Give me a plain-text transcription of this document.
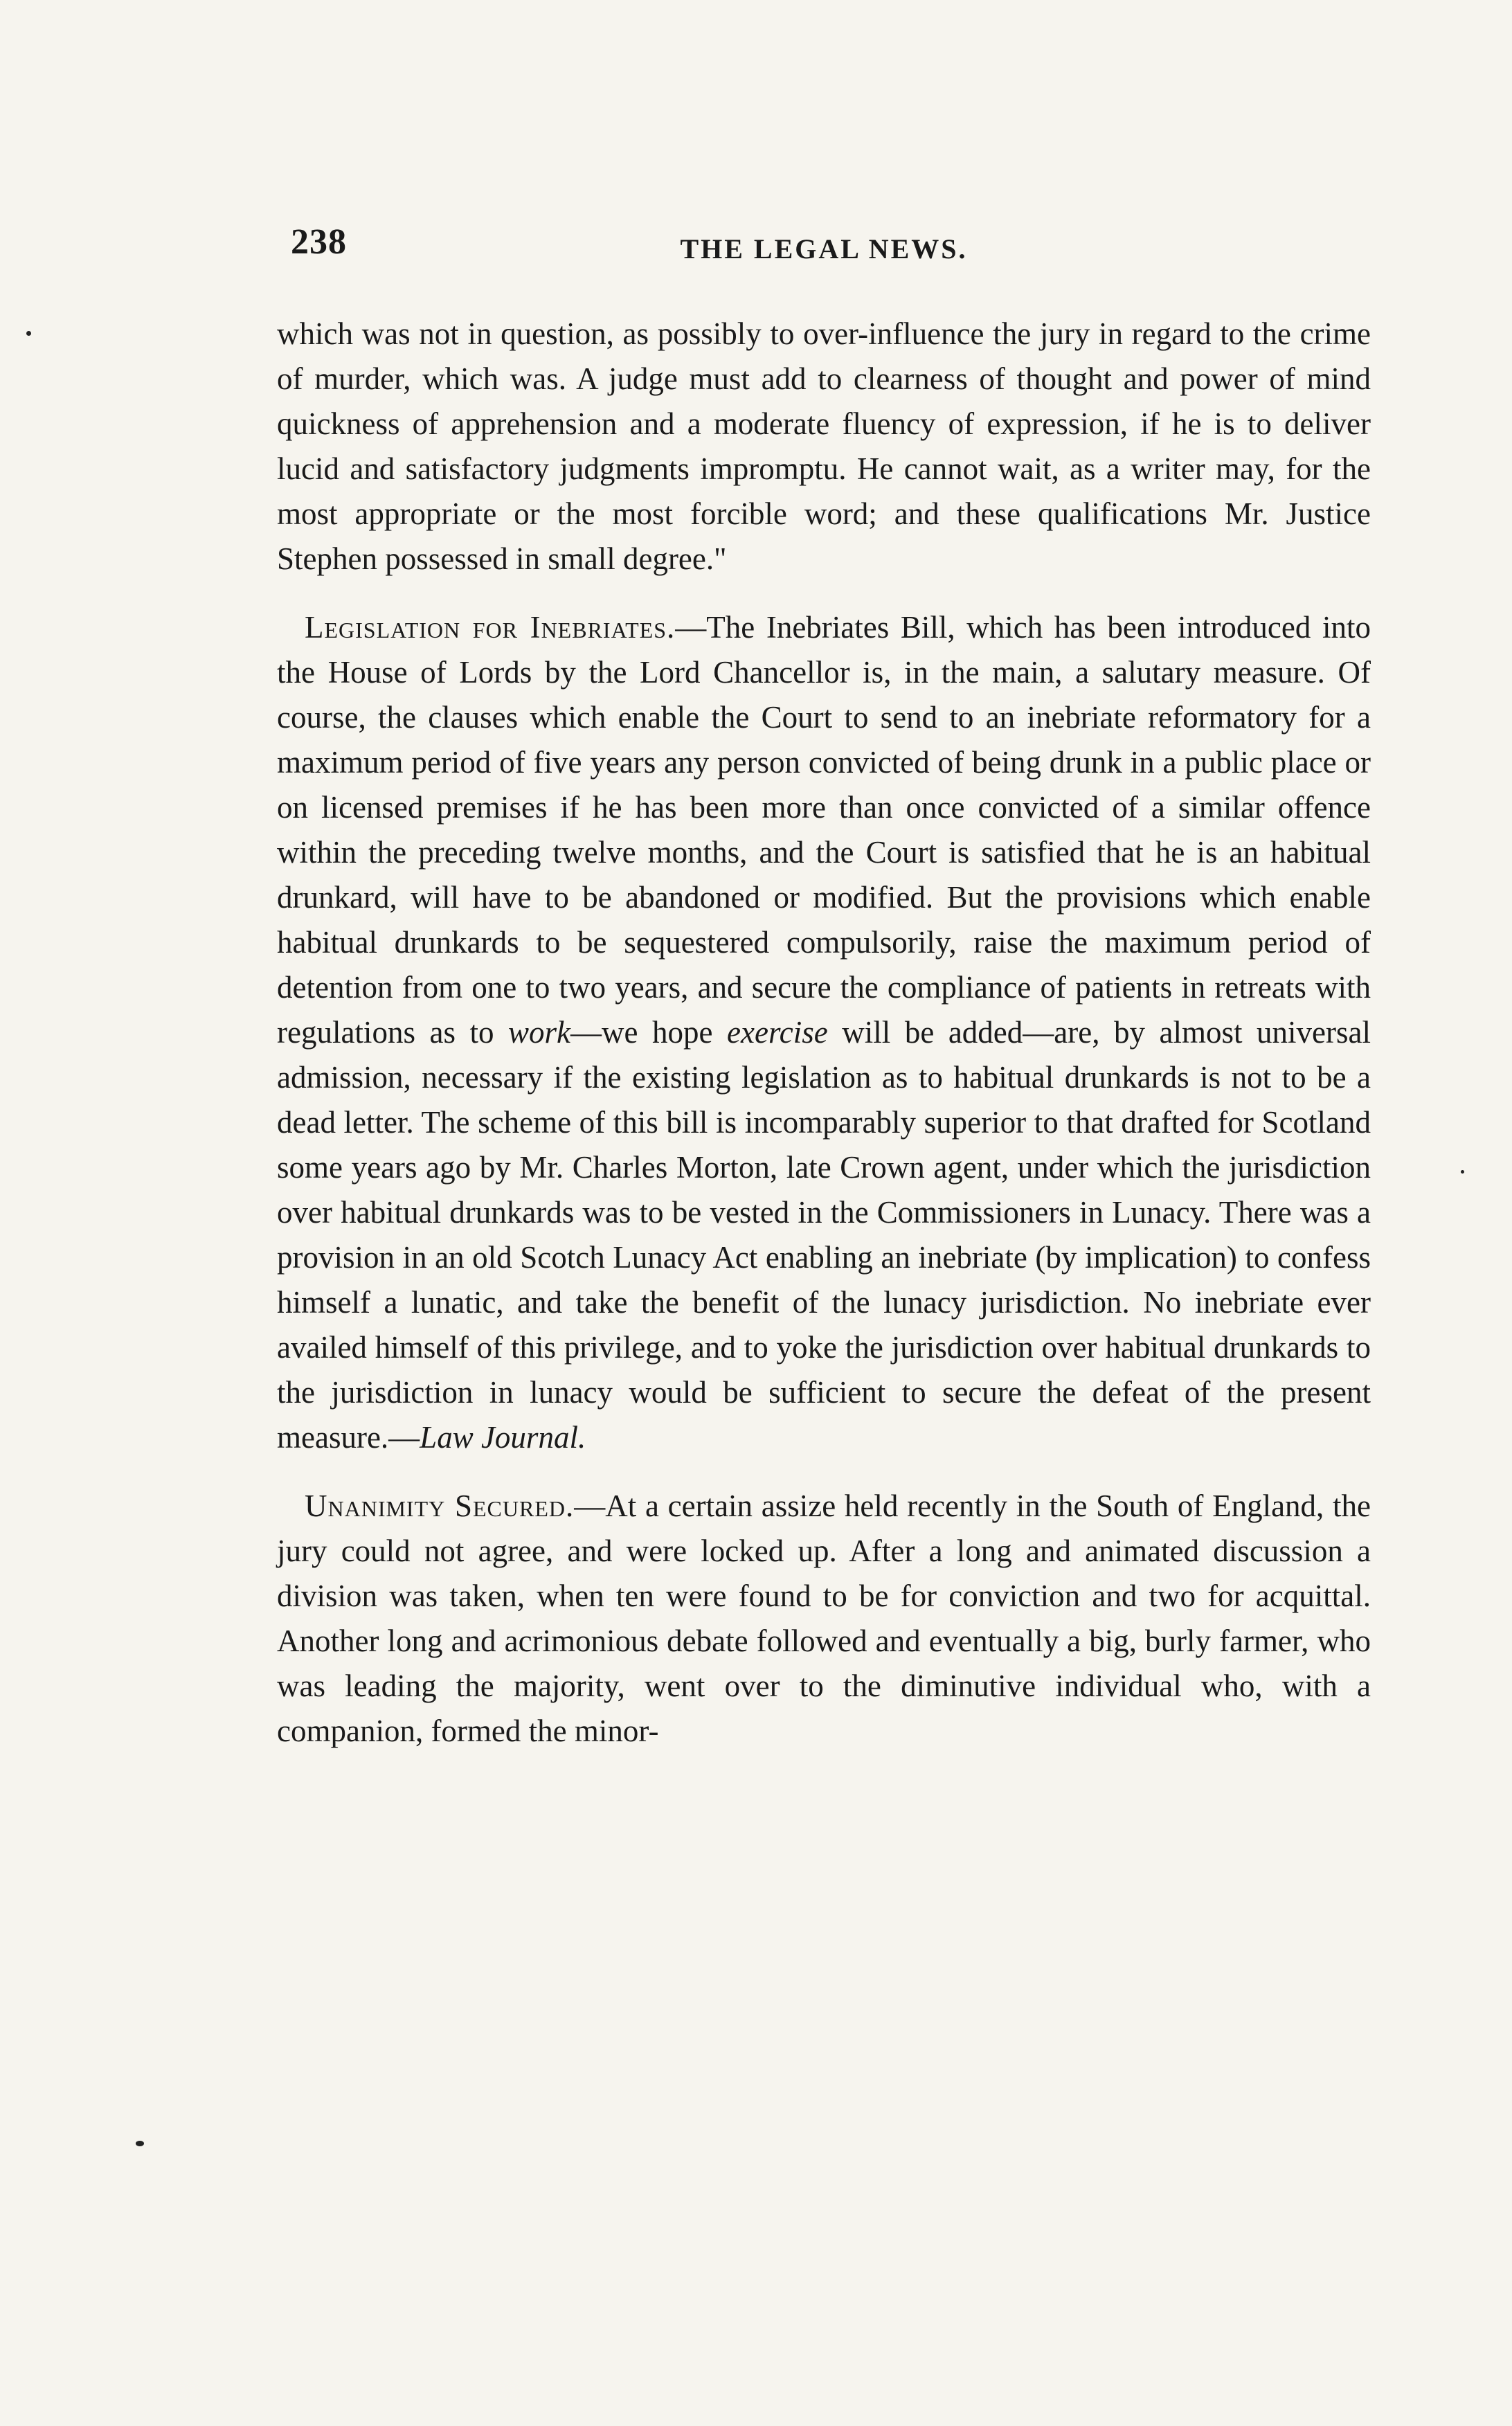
238	THE LEGAL NEWS.

which was not in question, as possibly to over-influence the jury in regard to the crime of murder, which was. A judge must add to clearness of thought and power of mind quickness of apprehension and a moderate fluency of expression, if he is to deliver lucid and satisfactory judgments impromptu. He cannot wait, as a writer may, for the most appropriate or the most forcible word; and these qualifications Mr. Justice Stephen possessed in small degree."

Legislation for Inebriates.—The Inebriates Bill, which has been introduced into the House of Lords by the Lord Chancellor is, in the main, a salutary measure. Of course, the clauses which enable the Court to send to an inebriate reformatory for a maximum period of five years any person convicted of being drunk in a public place or on licensed premises if he has been more than once convicted of a similar offence within the preceding twelve months, and the Court is satisfied that he is an habitual drunkard, will have to be abandoned or modified. But the provisions which enable habitual drunkards to be sequestered compulsorily, raise the maximum period of detention from one to two years, and secure the compliance of patients in retreats with regulations as to work—we hope exercise will be added—are, by almost universal admission, necessary if the existing legislation as to habitual drunkards is not to be a dead letter. The scheme of this bill is incomparably superior to that drafted for Scotland some years ago by Mr. Charles Morton, late Crown agent, under which the jurisdiction over habitual drunkards was to be vested in the Commissioners in Lunacy. There was a provision in an old Scotch Lunacy Act enabling an inebriate (by implication) to confess himself a lunatic, and take the benefit of the lunacy jurisdiction. No inebriate ever availed himself of this privilege, and to yoke the jurisdiction over habitual drunkards to the jurisdiction in lunacy would be sufficient to secure the defeat of the present measure.—Law Journal.

Unanimity Secured.—At a certain assize held recently in the South of England, the jury could not agree, and were locked up. After a long and animated discussion a division was taken, when ten were found to be for conviction and two for acquittal. Another long and acrimonious debate followed and eventually a big, burly farmer, who was leading the majority, went over to the diminutive individual who, with a companion, formed the minor-
